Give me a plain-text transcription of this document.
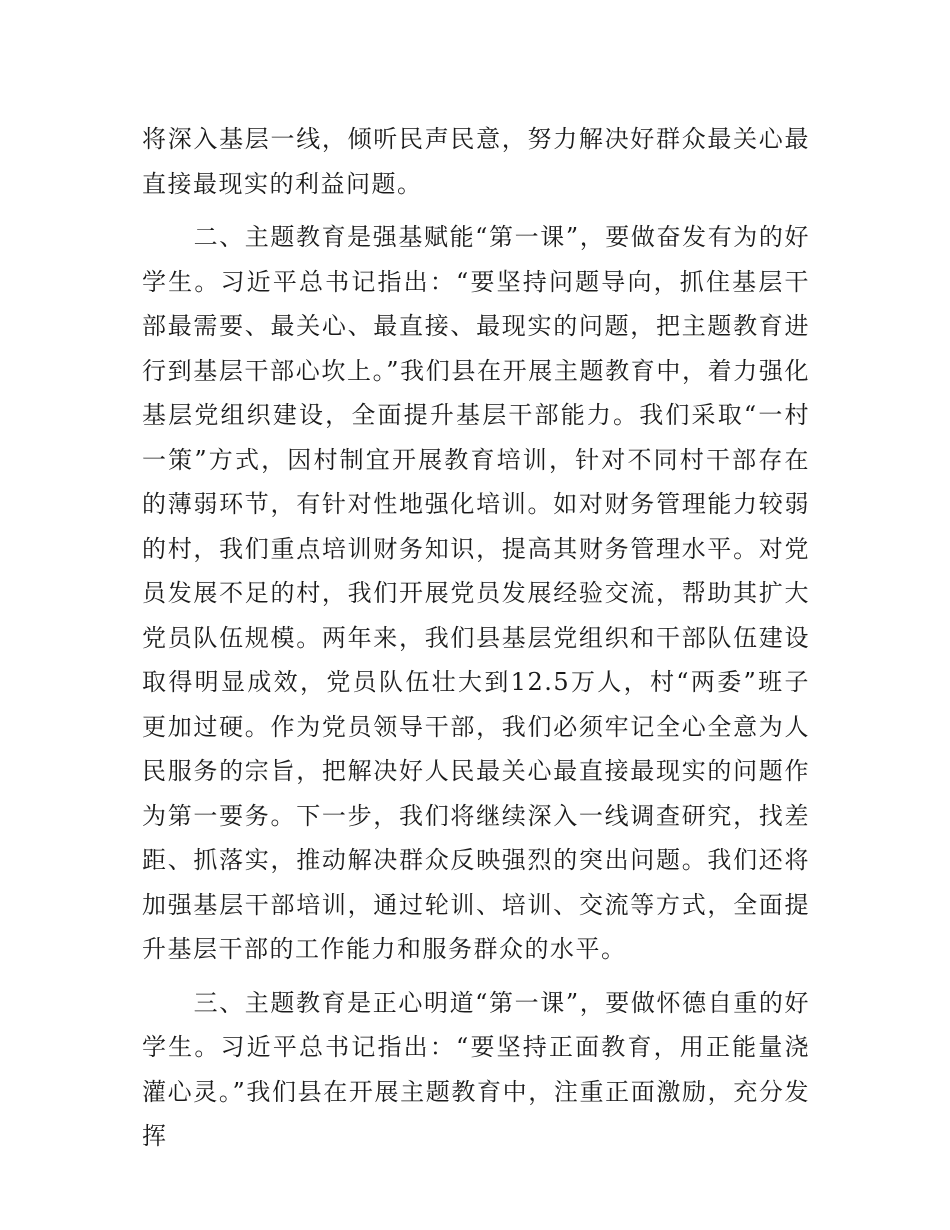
将深入基层一线，倾听民声民意，努力解决好群众最关心最直接最现实的利益问题。

二、主题教育是强基赋能“第一课”，要做奋发有为的好学生。习近平总书记指出：“要坚持问题导向，抓住基层干部最需要、最关心、最直接、最现实的问题，把主题教育进行到基层干部心坎上。”我们县在开展主题教育中，着力强化基层党组织建设，全面提升基层干部能力。我们采取“一村一策”方式，因村制宜开展教育培训，针对不同村干部存在的薄弱环节，有针对性地强化培训。如对财务管理能力较弱的村，我们重点培训财务知识，提高其财务管理水平。对党员发展不足的村，我们开展党员发展经验交流，帮助其扩大党员队伍规模。两年来，我们县基层党组织和干部队伍建设取得明显成效，党员队伍壮大到12.5万人，村“两委”班子更加过硬。作为党员领导干部，我们必须牢记全心全意为人民服务的宗旨，把解决好人民最关心最直接最现实的问题作为第一要务。下一步，我们将继续深入一线调查研究，找差距、抓落实，推动解决群众反映强烈的突出问题。我们还将加强基层干部培训，通过轮训、培训、交流等方式，全面提升基层干部的工作能力和服务群众的水平。

三、主题教育是正心明道“第一课”，要做怀德自重的好学生。习近平总书记指出：“要坚持正面教育，用正能量浇灌心灵。”我们县在开展主题教育中，注重正面激励，充分发挥
